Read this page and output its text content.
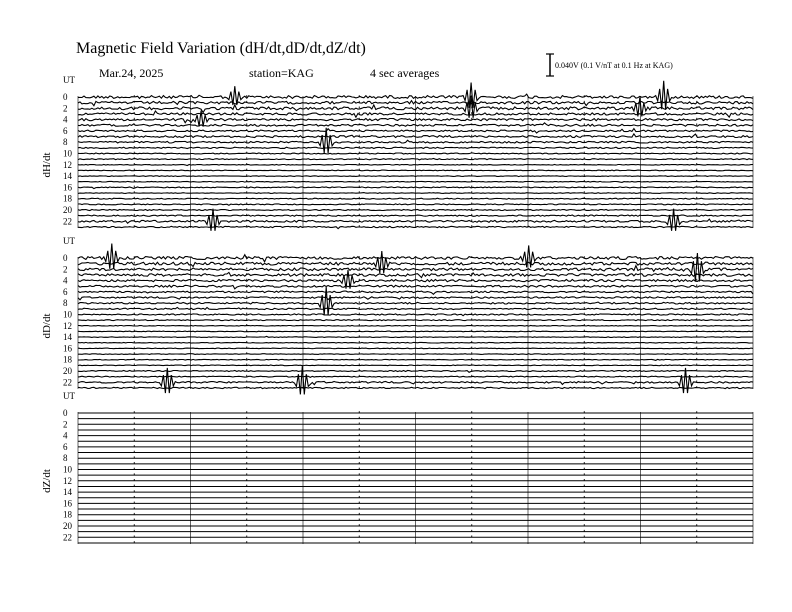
Magnetic Field Variation (dH/dt,dD/dt,dZ/dt)
Mar.24, 2025	station=KAG	4 sec averages
0.040V (0.1 V/nT at 0.1 Hz at KAG)
UT
dH/dt
0
2
4
6
8
10
12
14
16
18
20
22
UT
dD/dt
0
2
4
6
8
10
12
14
16
18
20
22
UT
dZ/dt
0
2
4
6
8
10
12
14
16
18
20
22
